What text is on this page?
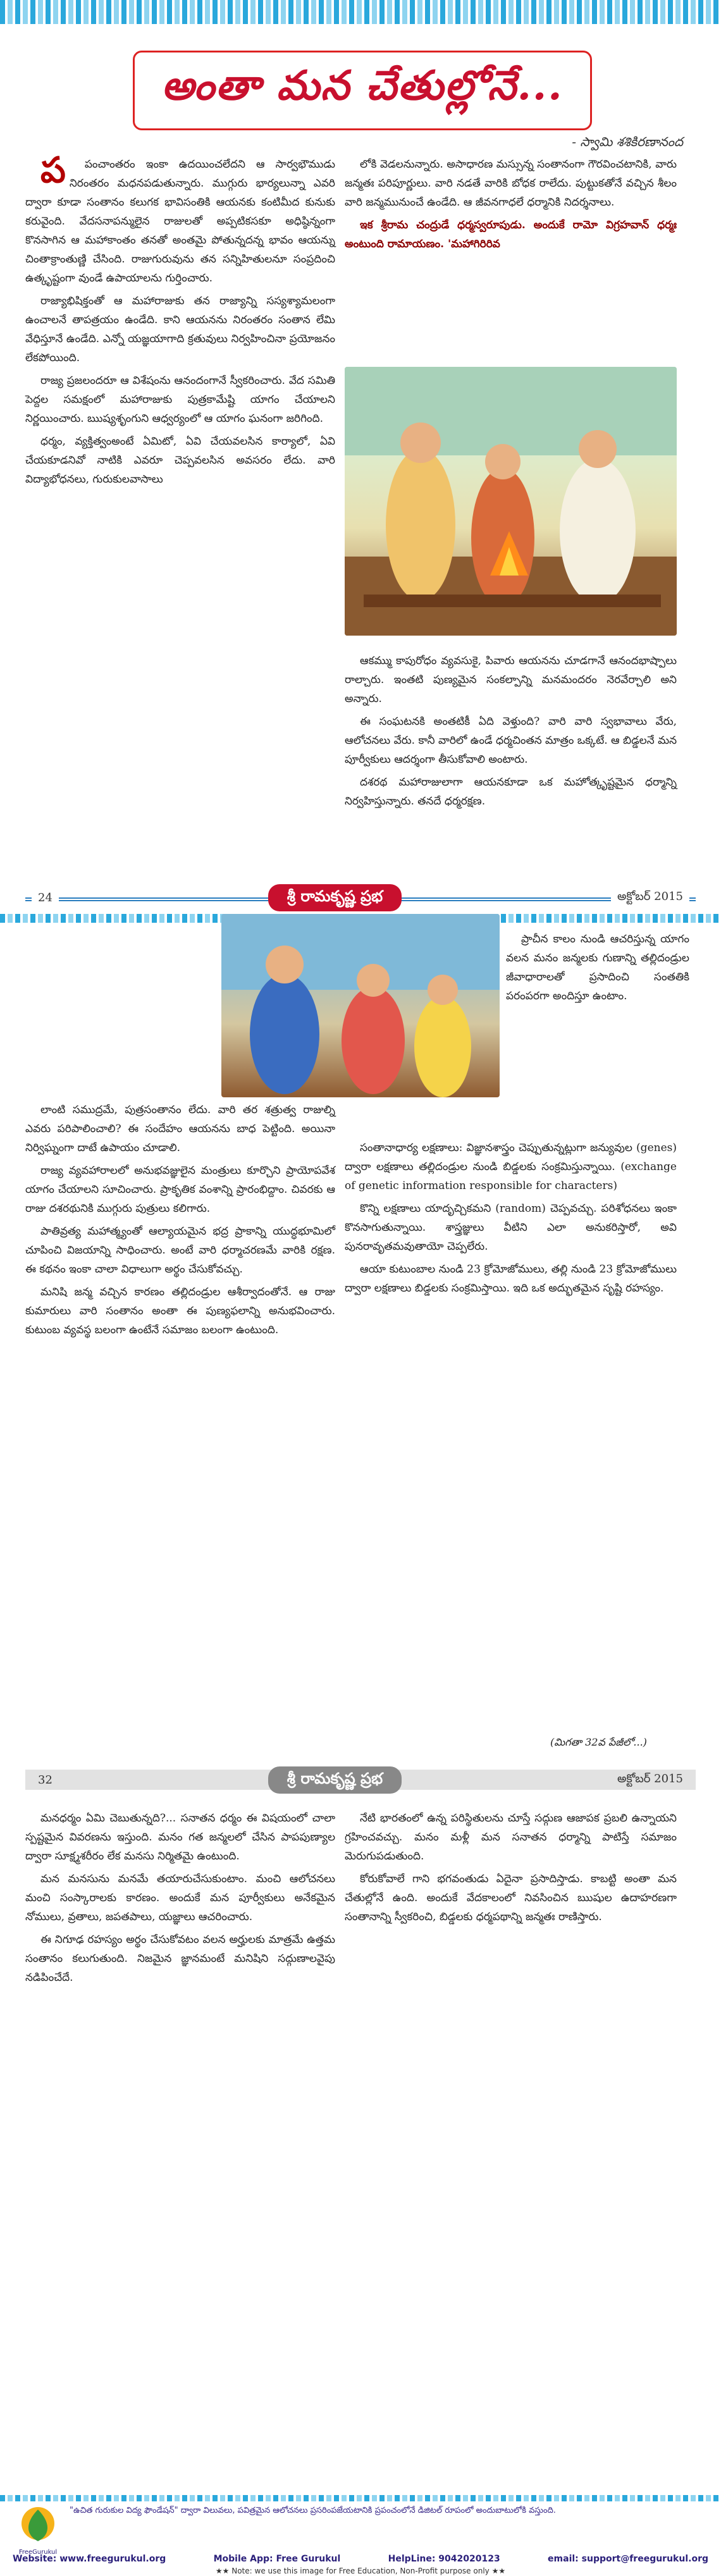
అంతా మన చేతుల్లోనే...
- స్వామి శశికిరణానంద

ప	పంచాంతరం ఇంకా ఉదయించలేదని ఆ సార్వభౌముడు నిరంతరం మధనపడుతున్నారు. ముగ్గురు భార్యలున్నా ఎవరి ద్వారా కూడా సంతానం కలుగక భావిసంతికి ఆయనకు కంటిమీద కునుకు కరువైంది. వేదసనాపన్ములైన రాజులతో అప్పటికసకూ అధిష్ఠిన్నంగా కొనసాగిన ఆ మహాకాంతం తనతో అంతమై పోతున్నదన్న భావం ఆయన్ను చింతాక్రాంతుణ్ణి చేసింది. రాజుగురువును తన సన్నిహితులనూ సంప్రదించి ఉత్కృష్టంగా వుండే ఉపాయాలను గుర్తించారు.

రాజ్యాభిషిక్తంతో ఆ మహారాజుకు తన రాజ్యాన్ని సస్యశ్యామలంగా ఉంచాలనే తాపత్రయం ఉండేది. కాని ఆయనను నిరంతరం సంతాన లేమి వేధిస్తూనే ఉండేది. ఎన్నో యజ్ఞయాగాది క్రతువులు నిర్వహించినా ప్రయోజనం లేకపోయింది.

రాజ్య ప్రజలందరూ ఆ విశేషంను ఆనందంగానే స్వీకరించారు. వేద సమితి పెద్దల సమక్షంలో మహారాజుకు పుత్రకామేష్టి యాగం చేయాలని నిర్ణయించారు. ఋష్యశృంగుని ఆధ్వర్యంలో ఆ యాగం ఘనంగా జరిగింది.

ధర్మం, వ్యక్తిత్వంఅంటే ఏమిటో, ఏవి చేయవలసిన కార్యాలో, ఏవి చేయకూడనివో నాటికి ఎవరూ చెప్పవలసిన అవసరం లేదు. వారి విద్యాభోధనలు, గురుకులవాసాలు

లోకి వెడలనున్నారు. అసాధారణ మస్సున్న సంతానంగా గౌరవించటానికి, వారు జన్మతః పరిపూర్ణులు. వారి నడతే వారికి బోధక రాలేదు. పుట్టుకతోనే వచ్చిన శీలం వారి జన్మమునుంచే ఉండేది. ఆ జీవనగాధలే ధర్మానికి నిదర్శనాలు.

ఇక శ్రీరామ చంద్రుడే ధర్మస్వరూపుడు. అందుకే రామో విగ్రహవాన్ ధర్మః అంటుంది రామాయణం. 'మహాగిరిరివ

ఆకమ్ము కాపురోధం వ్యవసుకై, పివారు ఆయనను చూడగానే ఆనందభాష్పాలు రాల్చారు. ఇంతటి పుణ్యమైన సంకల్పాన్ని మనమందరం నెరవేర్చాలి అని అన్నారు.

ఈ సంఘటనకి అంతటికీ ఏది వెళ్తుంది? వారి వారి స్వభావాలు వేరు, ఆలోచనలు వేరు. కానీ వారిలో ఉండే ధర్మచింతన మాత్రం ఒక్కటే. ఆ బిడ్డలనే మన పూర్వీకులు ఆదర్శంగా తీసుకోవాలి అంటారు.

దశరథ మహారాజులాగా ఆయనకూడా ఒక మహోత్కృష్టమైన ధర్మాన్ని నిర్వహిస్తున్నారు. తనదే ధర్మరక్షణ.

24	శ్రీ రామకృష్ణ ప్రభ	అక్టోబర్ 2015

లాంటి సముద్రమే, పుత్రసంతానం లేదు. వారి తర శత్రుత్వ రాజుల్ని ఎవరు పరిపాలించాలి? ఈ సందేహం ఆయనను బాధ పెట్టింది. అయినా నిర్విఘ్నంగా దాటే ఉపాయం చూడాలి.

రాజ్య వ్యవహారాలలో అనుభవజ్ఞులైన మంత్రులు కూర్చొని ప్రాయోపవేశ యాగం చేయాలని సూచించారు. ప్రాకృతిక వంశాన్ని ప్రారంభిద్దాం. చివరకు ఆ రాజు దశరథునికి ముగ్గురు పుత్రులు కలిగారు.

పాతివ్రత్య మహాత్మ్యంతో ఆల్యాయమైన భద్ర ప్రాకాన్ని యుద్ధభూమిలో చూపించి విజయాన్ని సాధించారు. అంటే వారి ధర్మాచరణమే వారికి రక్షణ. ఈ కథనం ఇంకా చాలా విధాలుగా అర్థం చేసుకోవచ్చు.

మనిషి జన్మ వచ్చిన కారణం తల్లిదండ్రుల ఆశీర్వాదంతోనే. ఆ రాజు కుమారులు వారి సంతానం అంతా ఈ పుణ్యఫలాన్ని అనుభవించారు. కుటుంబ వ్యవస్థ బలంగా ఉంటేనే సమాజం బలంగా ఉంటుంది.

ప్రాచీన కాలం నుండి ఆచరిస్తున్న యాగం వలన మనం జన్మలకు గుణాన్ని తల్లిదండ్రుల జీవాధారాలతో ప్రసాదించి సంతతికి పరంపరగా అందిస్తూ ఉంటాం.

సంతానాధార్య లక్షణాలు: విజ్ఞానశాస్త్రం చెప్పుతున్నట్లుగా జన్యువుల (genes) ద్వారా లక్షణాలు తల్లిదండ్రుల నుండి బిడ్డలకు సంక్రమిస్తున్నాయి. (exchange of genetic information responsible for characters)

కొన్ని లక్షణాలు యాదృచ్చికమని (random) చెప్పవచ్చు. పరిశోధనలు ఇంకా కొనసాగుతున్నాయి. శాస్త్రజ్ఞులు వీటిని ఎలా అనుకరిస్తారో, అవి పునరావృతమవుతాయో చెప్పలేరు.

ఆయా కుటుంబాల నుండి 23 క్రోమోజోములు, తల్లి నుండి 23 క్రోమోజోములు ద్వారా లక్షణాలు బిడ్డలకు సంక్రమిస్తాయి. ఇది ఒక అద్భుతమైన సృష్టి రహస్యం.

(మిగతా 32వ పేజీలో...)
32	శ్రీ రామకృష్ణ ప్రభ	అక్టోబర్ 2015

మనధర్మం ఏమి చెబుతున్నది?... సనాతన ధర్మం ఈ విషయంలో చాలా స్పష్టమైన వివరణను ఇస్తుంది. మనం గత జన్మలలో చేసిన పాపపుణ్యాల ద్వారా సూక్ష్మశరీరం లేక మనసు నిర్మితమై ఉంటుంది.

మన మనసును మనమే తయారుచేసుకుంటాం. మంచి ఆలోచనలు మంచి సంస్కారాలకు కారణం. అందుకే మన పూర్వీకులు అనేకమైన నోములు, వ్రతాలు, జపతపాలు, యజ్ఞాలు ఆచరించారు.

ఈ నిగూఢ రహస్యం అర్థం చేసుకోవటం వలన అర్హులకు మాత్రమే ఉత్తమ సంతానం కలుగుతుంది. నిజమైన జ్ఞానమంటే మనిషిని సద్గుణాలవైపు నడిపించేదే.

నేటి భారతంలో ఉన్న పరిస్థితులను చూస్తే సద్గుణ ఆజాపక ప్రబలి ఉన్నాయని గ్రహించవచ్చు. మనం మళ్లీ మన సనాతన ధర్మాన్ని పాటిస్తే సమాజం మెరుగుపడుతుంది.

కోరుకోవాలే గాని భగవంతుడు ఏదైనా ప్రసాదిస్తాడు. కాబట్టి అంతా మన చేతుల్లోనే ఉంది. అందుకే వేదకాలంలో నివసించిన ఋషుల ఉదాహరణగా సంతానాన్ని స్వీకరించి, బిడ్డలకు ధర్మపథాన్ని జన్మతః రాణిస్తారు.

FreeGurukul
"ఉచిత గురుకుల విద్య ఫౌండేషన్" ద్వారా విలువలు, పవిత్రమైన ఆలోచనలు ప్రసరింపజేయటానికి ప్రపంచంలోనే డిజిటల్ రూపంలో అందుబాటులోకి వస్తుంది.
Website: www.freegurukul.org	Mobile App: Free Gurukul	HelpLine: 9042020123	email: support@freegurukul.org
★★ Note: we use this image for Free Education, Non-Profit purpose only ★★
